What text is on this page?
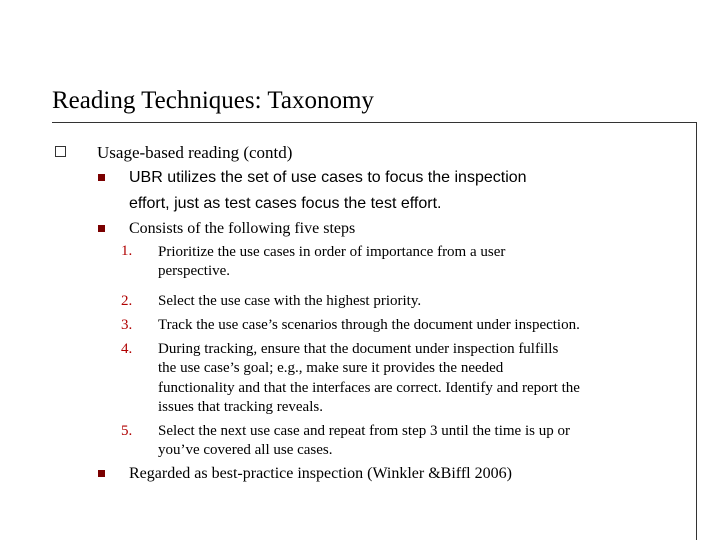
Reading Techniques: Taxonomy
Usage-based reading (contd)
UBR utilizes the set of use cases to focus the inspection
effort, just as test cases focus the test effort.
Consists of the following five steps
1. Prioritize the use cases in order of importance from a user
perspective.
2. Select the use case with the highest priority.
3. Track the use case’s scenarios through the document under inspection.
4. During tracking, ensure that the document under inspection fulfills
the use case’s goal; e.g., make sure it provides the needed
functionality and that the interfaces are correct. Identify and report the
issues that tracking reveals.
5. Select the next use case and repeat from step 3 until the time is up or
you’ve covered all use cases.
Regarded as best-practice inspection (Winkler &Biffl 2006)
